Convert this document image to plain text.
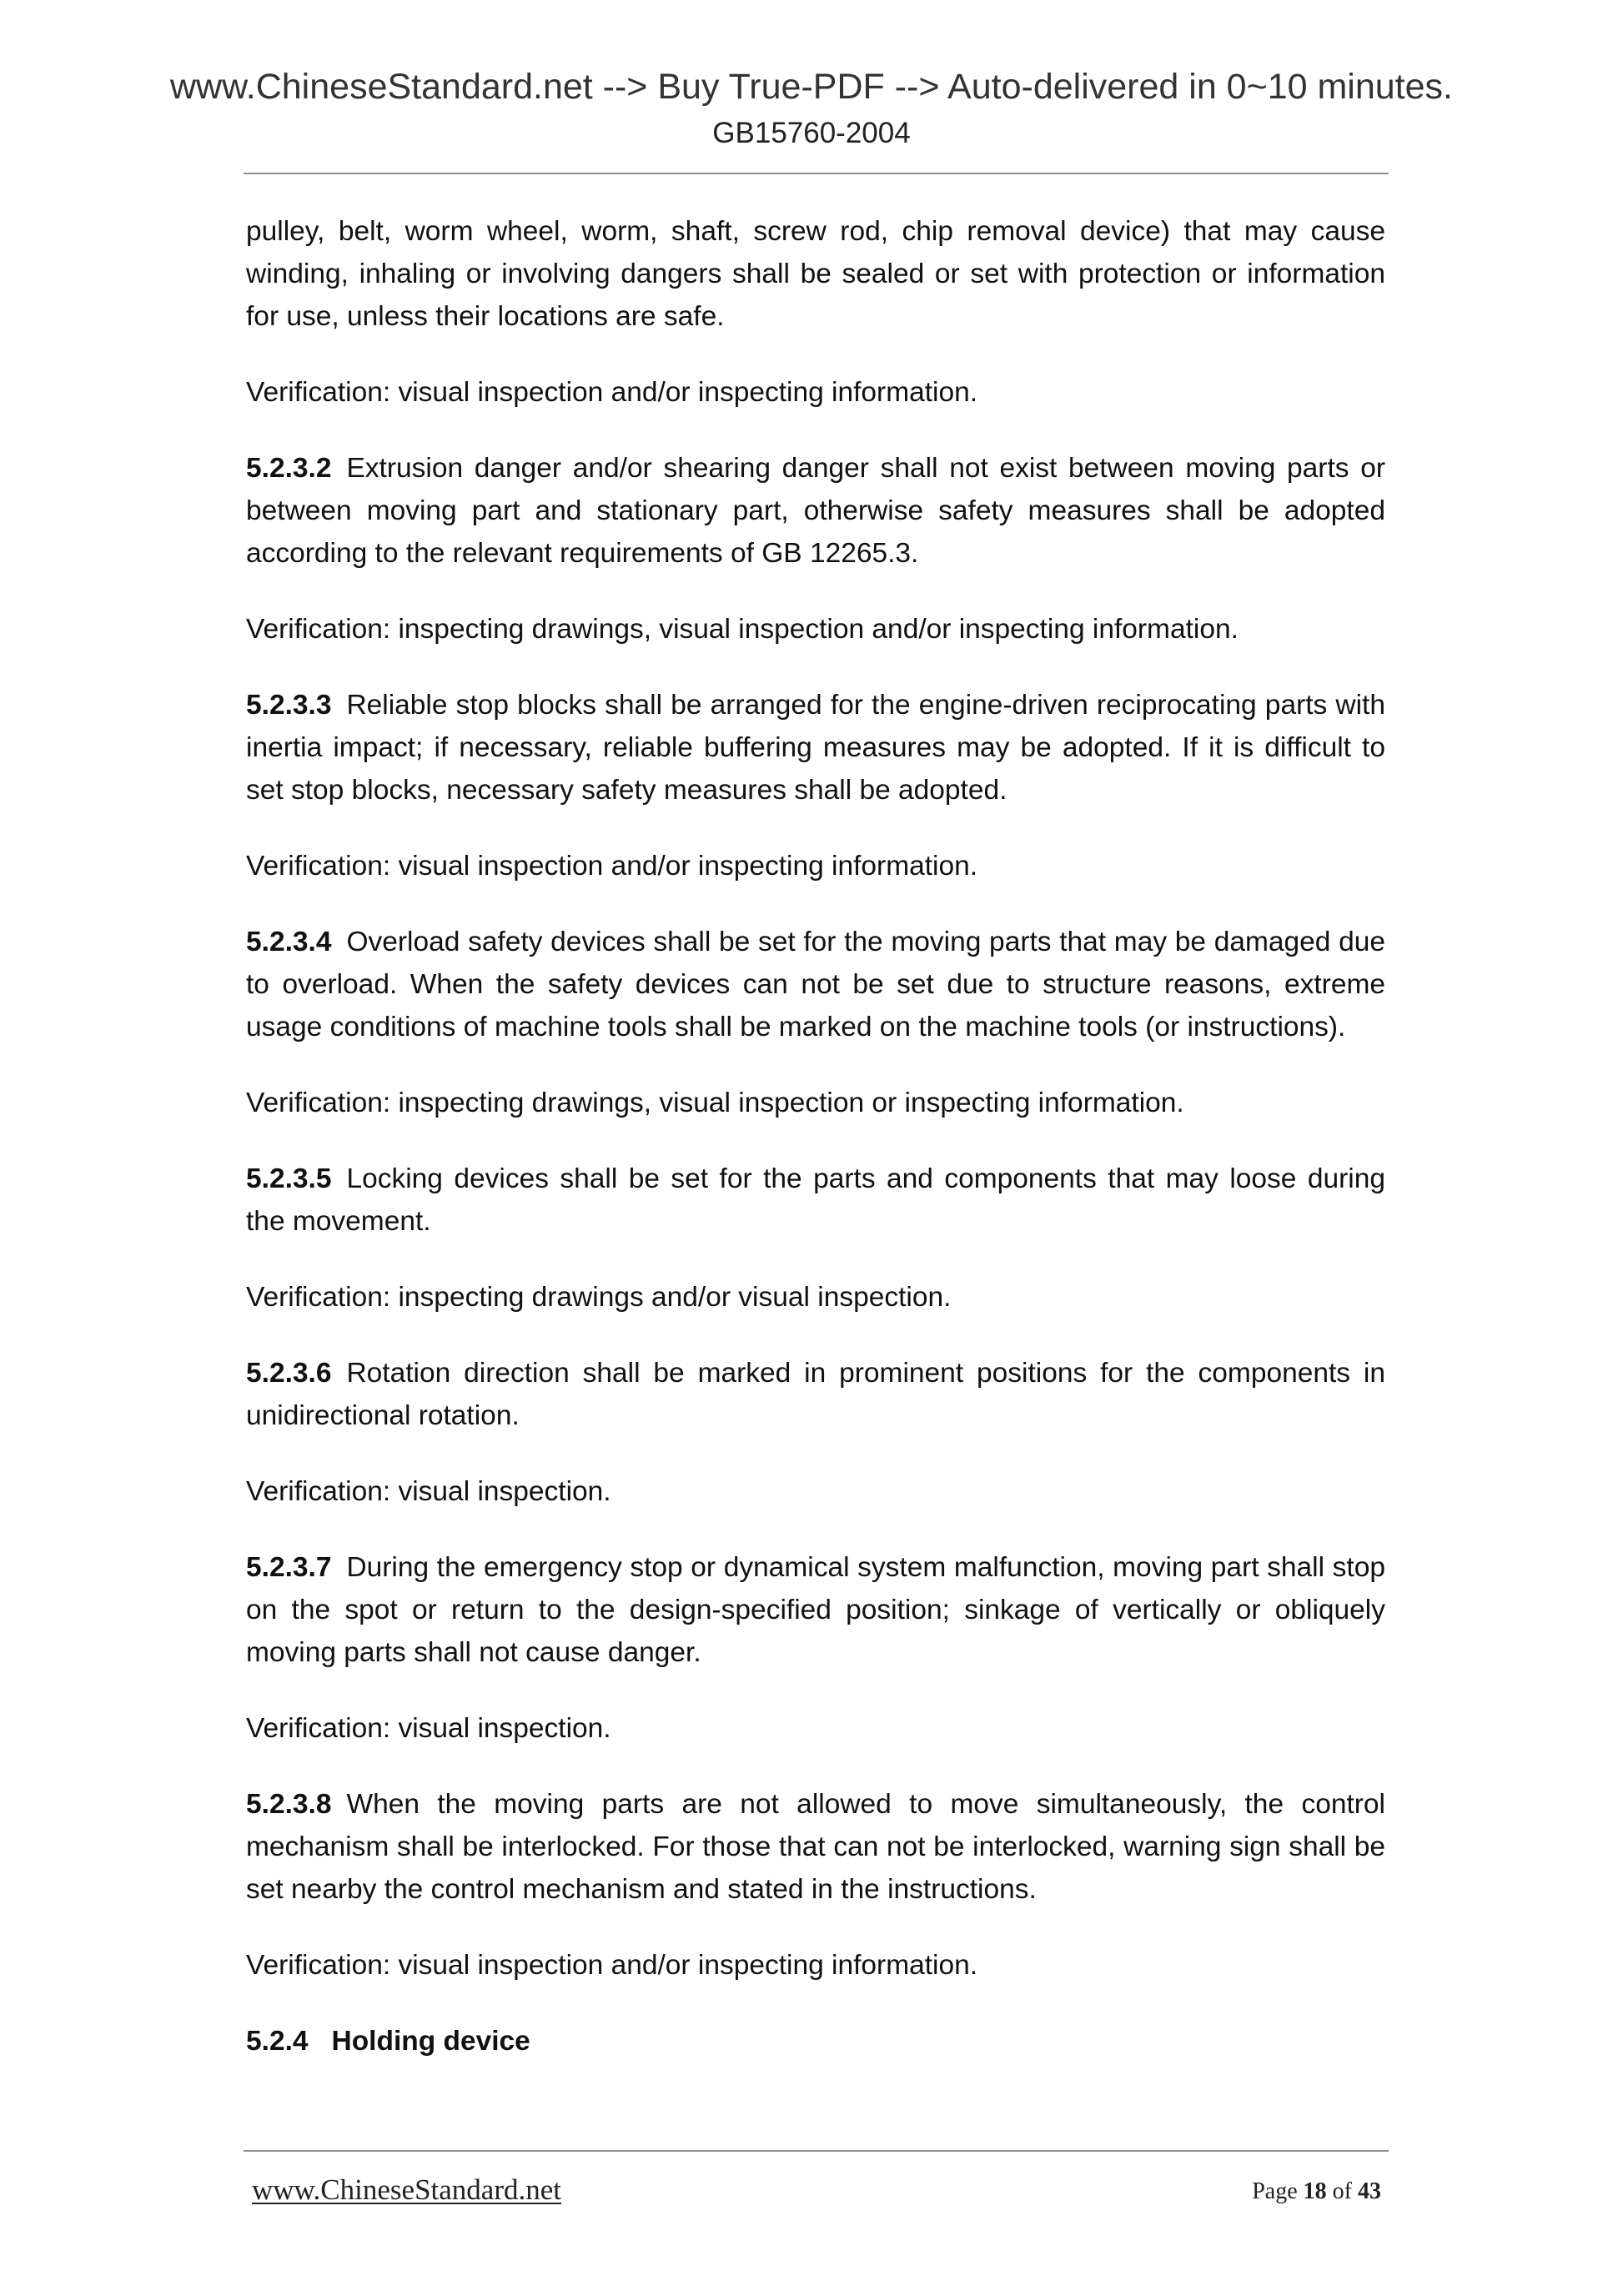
www.ChineseStandard.net --> Buy True-PDF --> Auto-delivered in 0~10 minutes.
GB15760-2004

pulley, belt, worm wheel, worm, shaft, screw rod, chip removal device) that may cause winding, inhaling or involving dangers shall be sealed or set with protection or information for use, unless their locations are safe.

Verification: visual inspection and/or inspecting information.

5.2.3.2 Extrusion danger and/or shearing danger shall not exist between moving parts or between moving part and stationary part, otherwise safety measures shall be adopted according to the relevant requirements of GB 12265.3.

Verification: inspecting drawings, visual inspection and/or inspecting information.

5.2.3.3 Reliable stop blocks shall be arranged for the engine-driven reciprocating parts with inertia impact; if necessary, reliable buffering measures may be adopted. If it is difficult to set stop blocks, necessary safety measures shall be adopted.

Verification: visual inspection and/or inspecting information.

5.2.3.4 Overload safety devices shall be set for the moving parts that may be damaged due to overload. When the safety devices can not be set due to structure reasons, extreme usage conditions of machine tools shall be marked on the machine tools (or instructions).

Verification: inspecting drawings, visual inspection or inspecting information.

5.2.3.5 Locking devices shall be set for the parts and components that may loose during the movement.

Verification: inspecting drawings and/or visual inspection.

5.2.3.6 Rotation direction shall be marked in prominent positions for the components in unidirectional rotation.

Verification: visual inspection.

5.2.3.7 During the emergency stop or dynamical system malfunction, moving part shall stop on the spot or return to the design-specified position; sinkage of vertically or obliquely moving parts shall not cause danger.

Verification: visual inspection.

5.2.3.8 When the moving parts are not allowed to move simultaneously, the control mechanism shall be interlocked. For those that can not be interlocked, warning sign shall be set nearby the control mechanism and stated in the instructions.

Verification: visual inspection and/or inspecting information.

5.2.4 Holding device

www.ChineseStandard.net	Page 18 of 43
